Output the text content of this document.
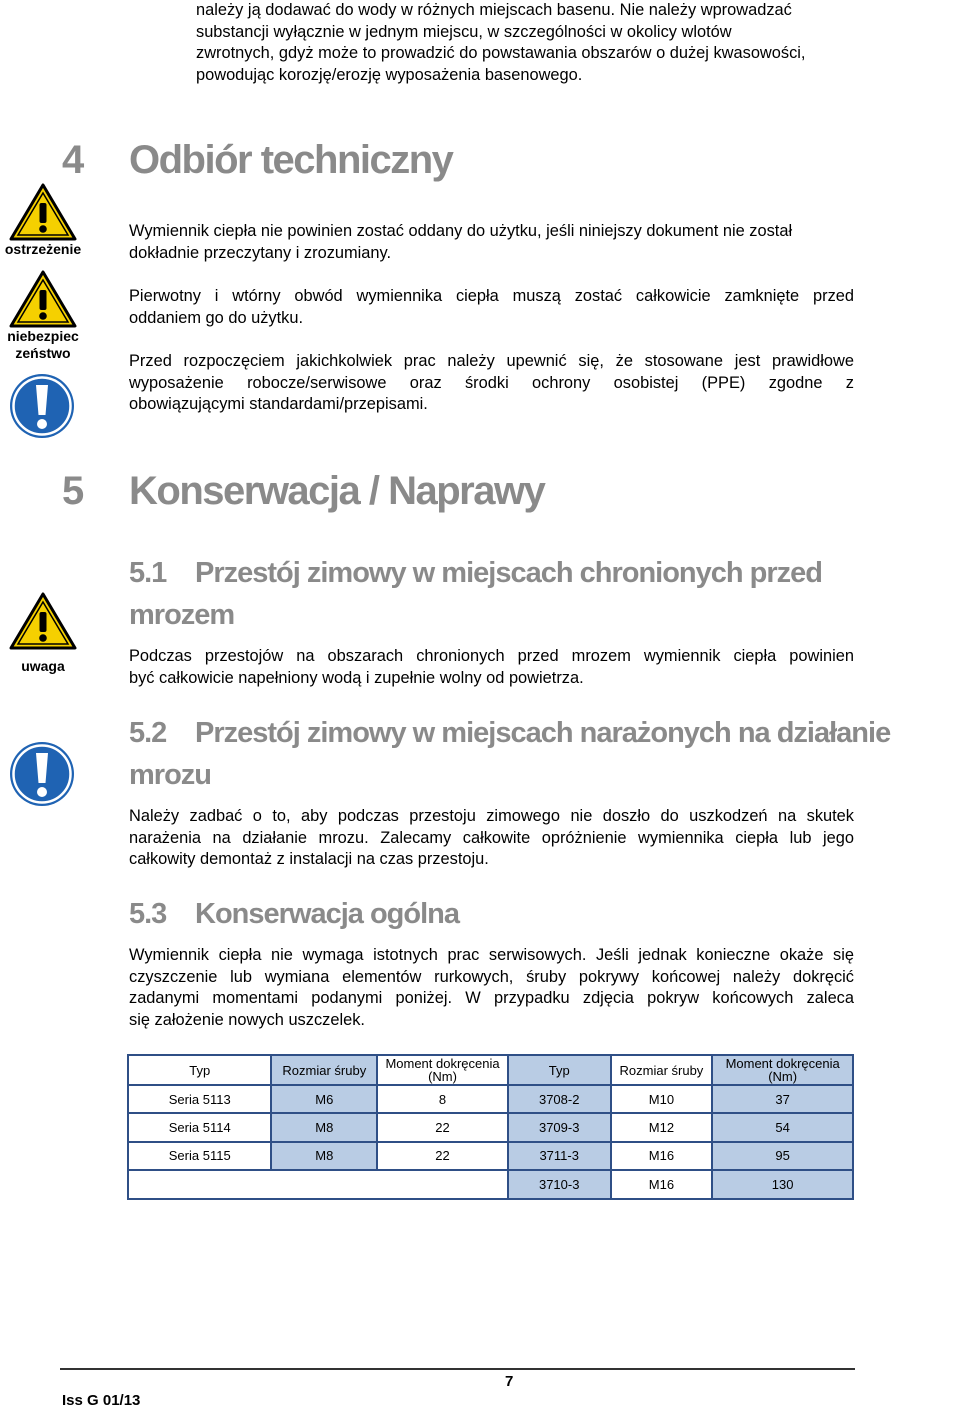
należy ją dodawać do wody w różnych miejscach basenu. Nie należy wprowadzać
substancji wyłącznie w jednym miejscu, w szczególności w okolicy wlotów
zwrotnych, gdyż może to prowadzić do powstawania obszarów o dużej kwasowości,
powodując korozję/erozję wyposażenia basenowego.
4 Odbiór techniczny
ostrzeżenie
niebezpiec
zeństwo
Wymiennik ciepła nie powinien zostać oddany do użytku, jeśli niniejszy dokument nie został
dokładnie przeczytany i zrozumiany.
Pierwotny i wtórny obwód wymiennika ciepła muszą zostać całkowicie zamknięte przed
oddaniem go do użytku.
Przed rozpoczęciem jakichkolwiek prac należy upewnić się, że stosowane jest prawidłowe
wyposażenie robocze/serwisowe oraz środki ochrony osobistej (PPE) zgodne z
obowiązującymi standardami/przepisami.
5 Konserwacja / Naprawy
5.1 Przestój zimowy w miejscach chronionych przed
mrozem
uwaga
Podczas przestojów na obszarach chronionych przed mrozem wymiennik ciepła powinien
być całkowicie napełniony wodą i zupełnie wolny od powietrza.
5.2 Przestój zimowy w miejscach narażonych na działanie
mrozu
Należy zadbać o to, aby podczas przestoju zimowego nie doszło do uszkodzeń na skutek
narażenia na działanie mrozu. Zalecamy całkowite opróżnienie wymiennika ciepła lub jego
całkowity demontaż z instalacji na czas przestoju.
5.3 Konserwacja ogólna
Wymiennik ciepła nie wymaga istotnych prac serwisowych. Jeśli jednak konieczne okaże się
czyszczenie lub wymiana elementów rurkowych, śruby pokrywy końcowej należy dokręcić
zadanymi momentami podanymi poniżej. W przypadku zdjęcia pokryw końcowych zaleca
się założenie nowych uszczelek.
Typ	Rozmiar śruby	Moment dokręcenia (Nm)	Typ	Rozmiar śruby	Moment dokręcenia (Nm)
Seria 5113	M6	8	3708-2	M10	37
Seria 5114	M8	22	3709-3	M12	54
Seria 5115	M8	22	3711-3	M16	95
			3710-3	M16	130
7
Iss G 01/13
